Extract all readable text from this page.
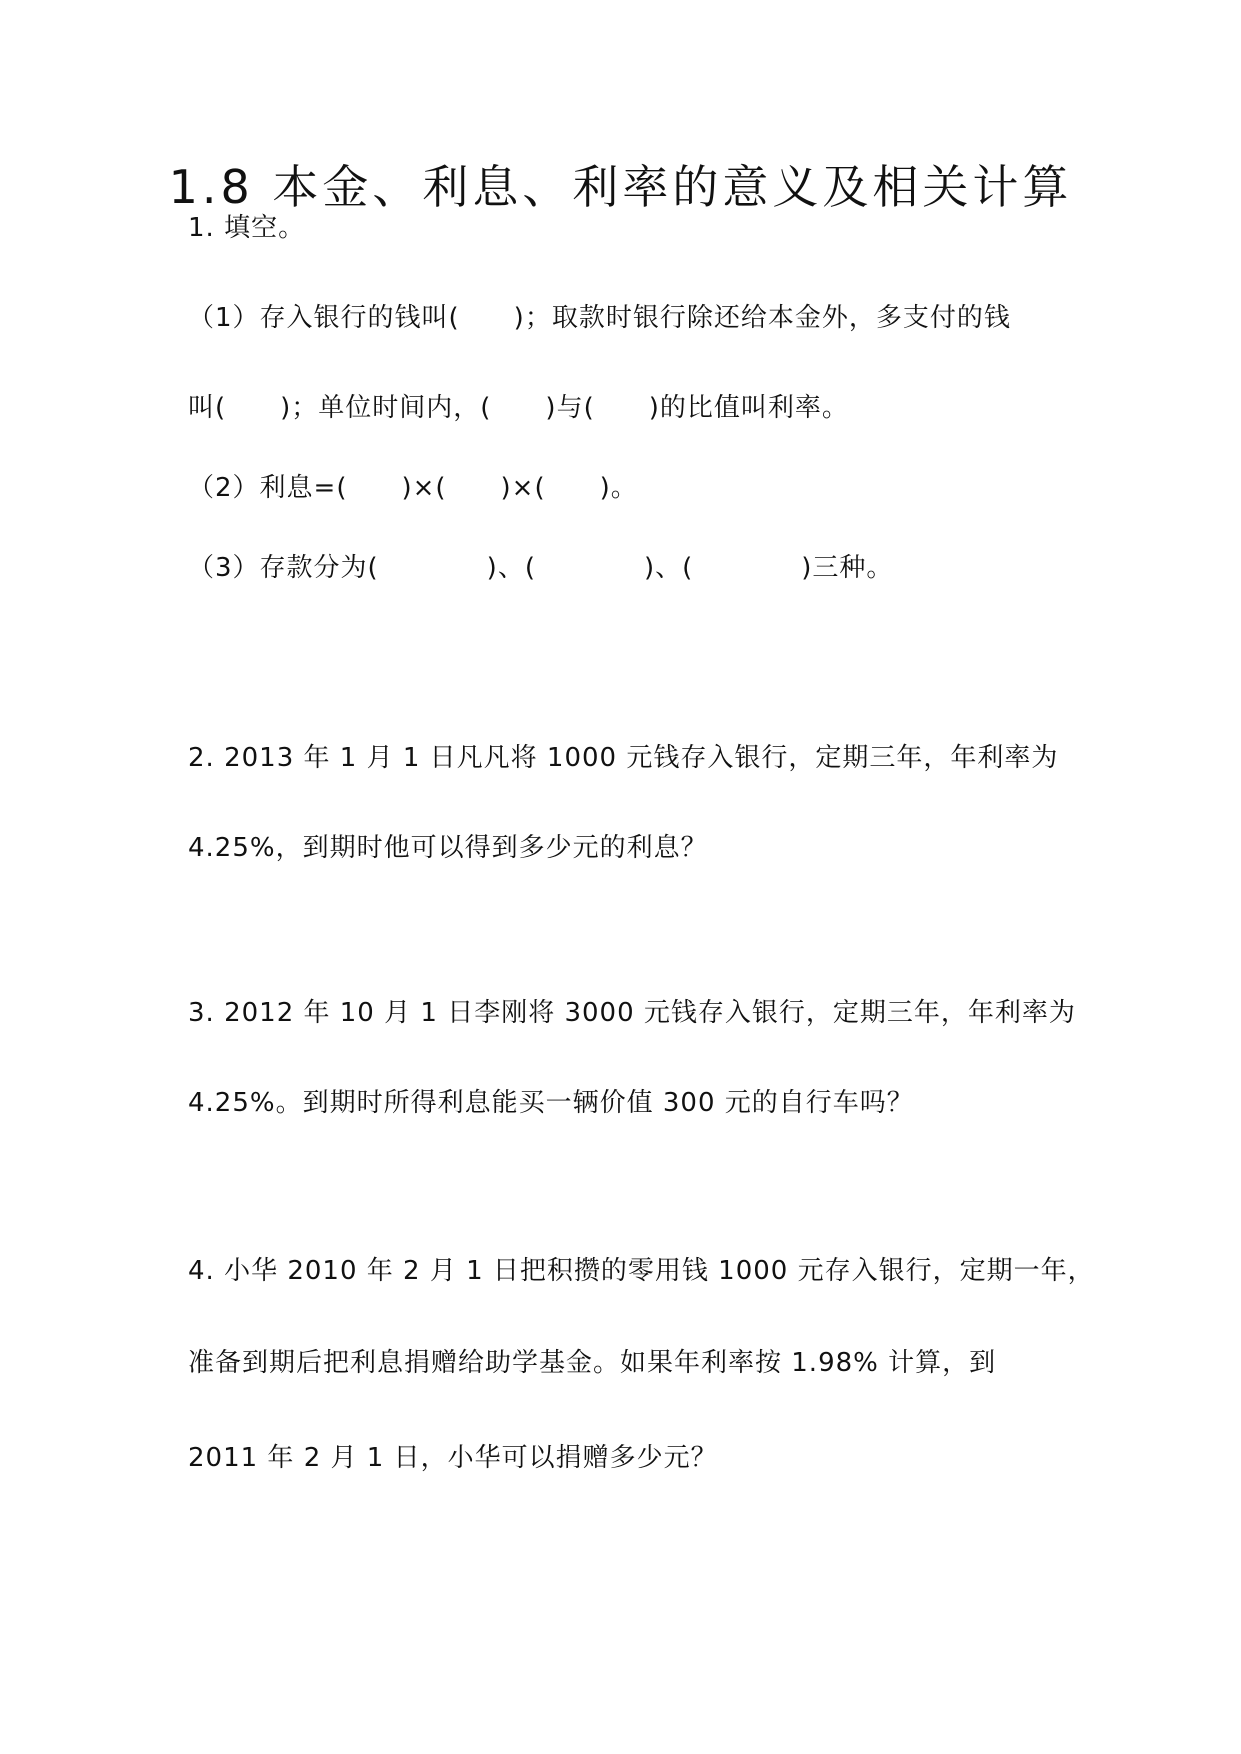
1.8 本金、利息、利率的意义及相关计算
1. 填空。
（1）存入银行的钱叫(　　)；取款时银行除还给本金外，多支付的钱
叫(　　)；单位时间内，(　　)与(　　)的比值叫利率。
（2）利息=(　　)×(　　)×(　　)。
（3）存款分为(　　　　)、(　　　　)、(　　　　)三种。
2. 2013 年 1 月 1 日凡凡将 1000 元钱存入银行，定期三年，年利率为
4.25%，到期时他可以得到多少元的利息？
3. 2012 年 10 月 1 日李刚将 3000 元钱存入银行，定期三年，年利率为
4.25%。到期时所得利息能买一辆价值 300 元的自行车吗？
4. 小华 2010 年 2 月 1 日把积攒的零用钱 1000 元存入银行，定期一年，
准备到期后把利息捐赠给助学基金。如果年利率按 1.98% 计算，到
2011 年 2 月 1 日，小华可以捐赠多少元？
